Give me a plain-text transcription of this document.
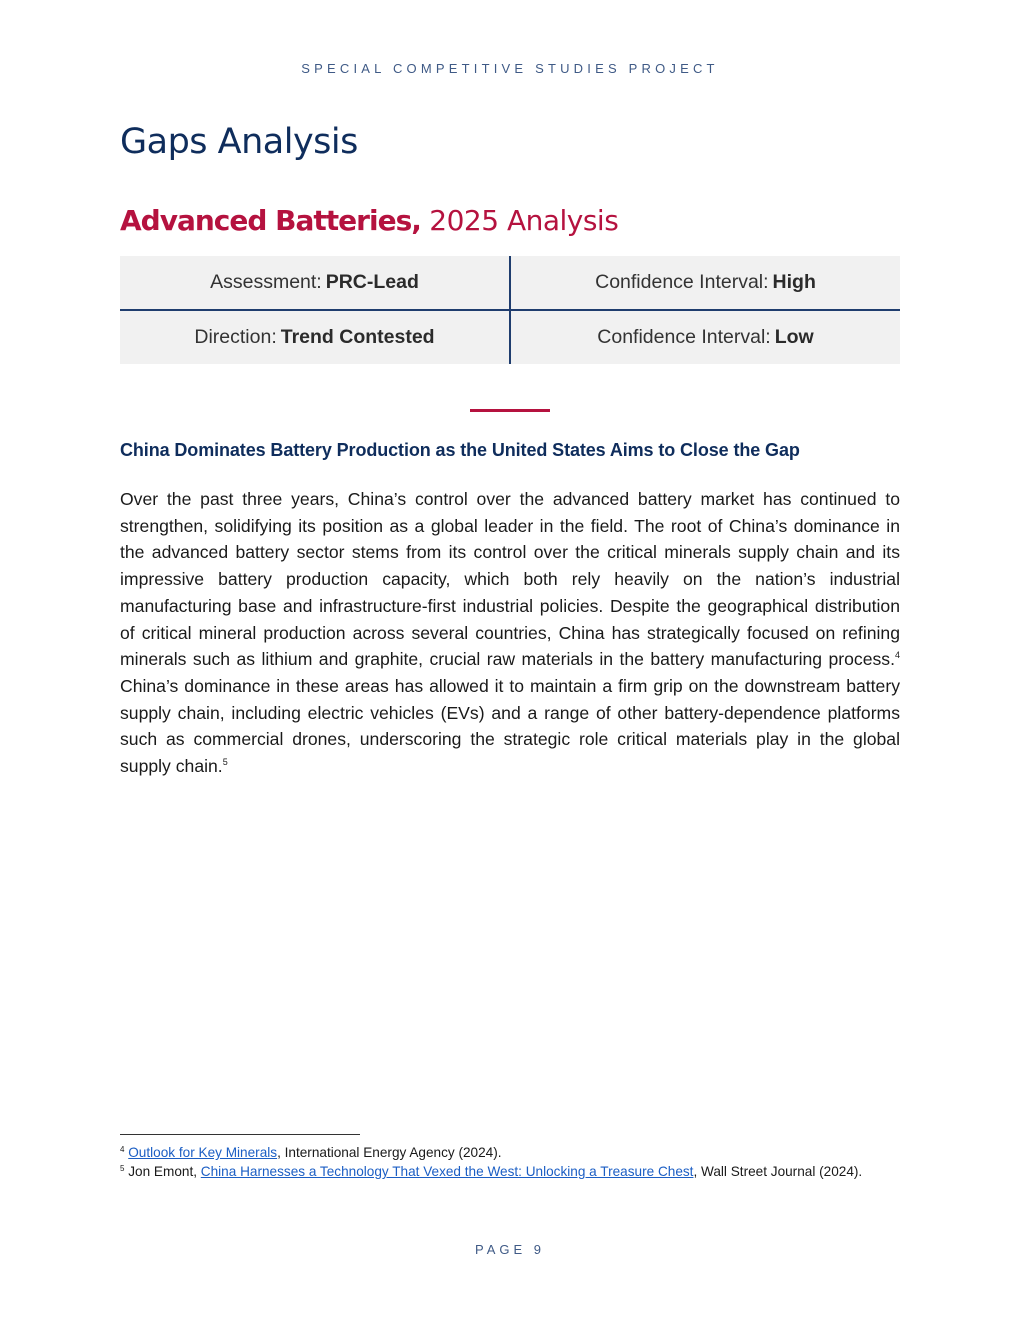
SPECIAL COMPETITIVE STUDIES PROJECT
Gaps Analysis
Advanced Batteries, 2025 Analysis
Assessment: PRC-Lead	Confidence Interval: High
Direction: Trend Contested	Confidence Interval: Low
China Dominates Battery Production as the United States Aims to Close the Gap

Over the past three years, China’s control over the advanced battery market has continued to strengthen, solidifying its position as a global leader in the field. The root of China’s dominance in the advanced battery sector stems from its control over the critical minerals supply chain and its impressive battery production capacity, which both rely heavily on the nation’s industrial manufacturing base and infrastructure-first industrial policies. Despite the geographical distribution of critical mineral production across several countries, China has strategically focused on refining minerals such as lithium and graphite, crucial raw materials in the battery manufacturing process.$^4$ China’s dominance in these areas has allowed it to maintain a firm grip on the downstream battery supply chain, including electric vehicles (EVs) and a range of other battery-dependence platforms such as commercial drones, underscoring the strategic role critical materials play in the global supply chain.$^5$

$^4$ Outlook for Key Minerals, International Energy Agency (2024).

$^5$ Jon Emont, China Harnesses a Technology That Vexed the West: Unlocking a Treasure Chest, Wall Street Journal (2024).

PAGE 9
